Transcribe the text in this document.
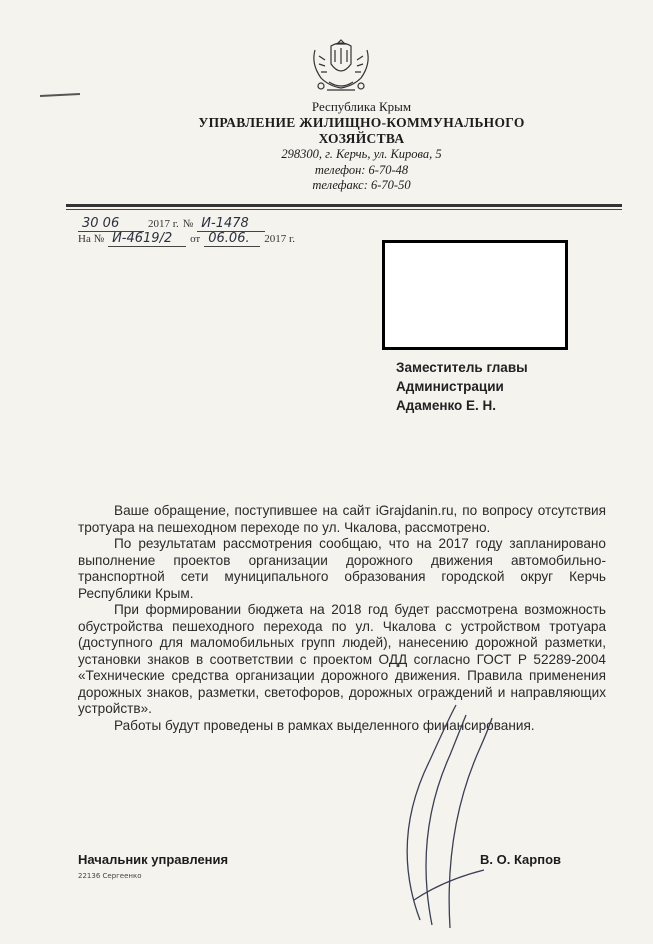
Республика Крым
УПРАВЛЕНИЕ ЖИЛИЩНО-КОММУНАЛЬНОГО
ХОЗЯЙСТВА
298300, г. Керчь, ул. Кирова, 5
телефон: 6-70-48
телефакс: 6-70-50
30 06	2017 г. № И-1478
На № И-4619/2 от 06.06. 2017 г.
Заместитель главы
Администрации
Адаменко Е. Н.

Ваше обращение, поступившее на сайт iGrajdanin.ru, по вопросу отсутствия тротуара на пешеходном переходе по ул. Чкалова, рассмотрено.

По результатам рассмотрения сообщаю, что на 2017 году запланировано выполнение проектов организации дорожного движения автомобильно-транспортной сети муниципального образования городской округ Керчь Республики Крым.

При формировании бюджета на 2018 год будет рассмотрена возможность обустройства пешеходного перехода по ул. Чкалова с устройством тротуара (доступного для маломобильных групп людей), нанесению дорожной разметки, установки знаков в соответствии с проектом ОДД согласно ГОСТ Р 52289-2004 «Технические средства организации дорожного движения. Правила применения дорожных знаков, разметки, светофоров, дорожных ограждений и направляющих устройств».

Работы будут проведены в рамках выделенного финансирования.

Начальник управления	В. О. Карпов
22136 Сергеенко
